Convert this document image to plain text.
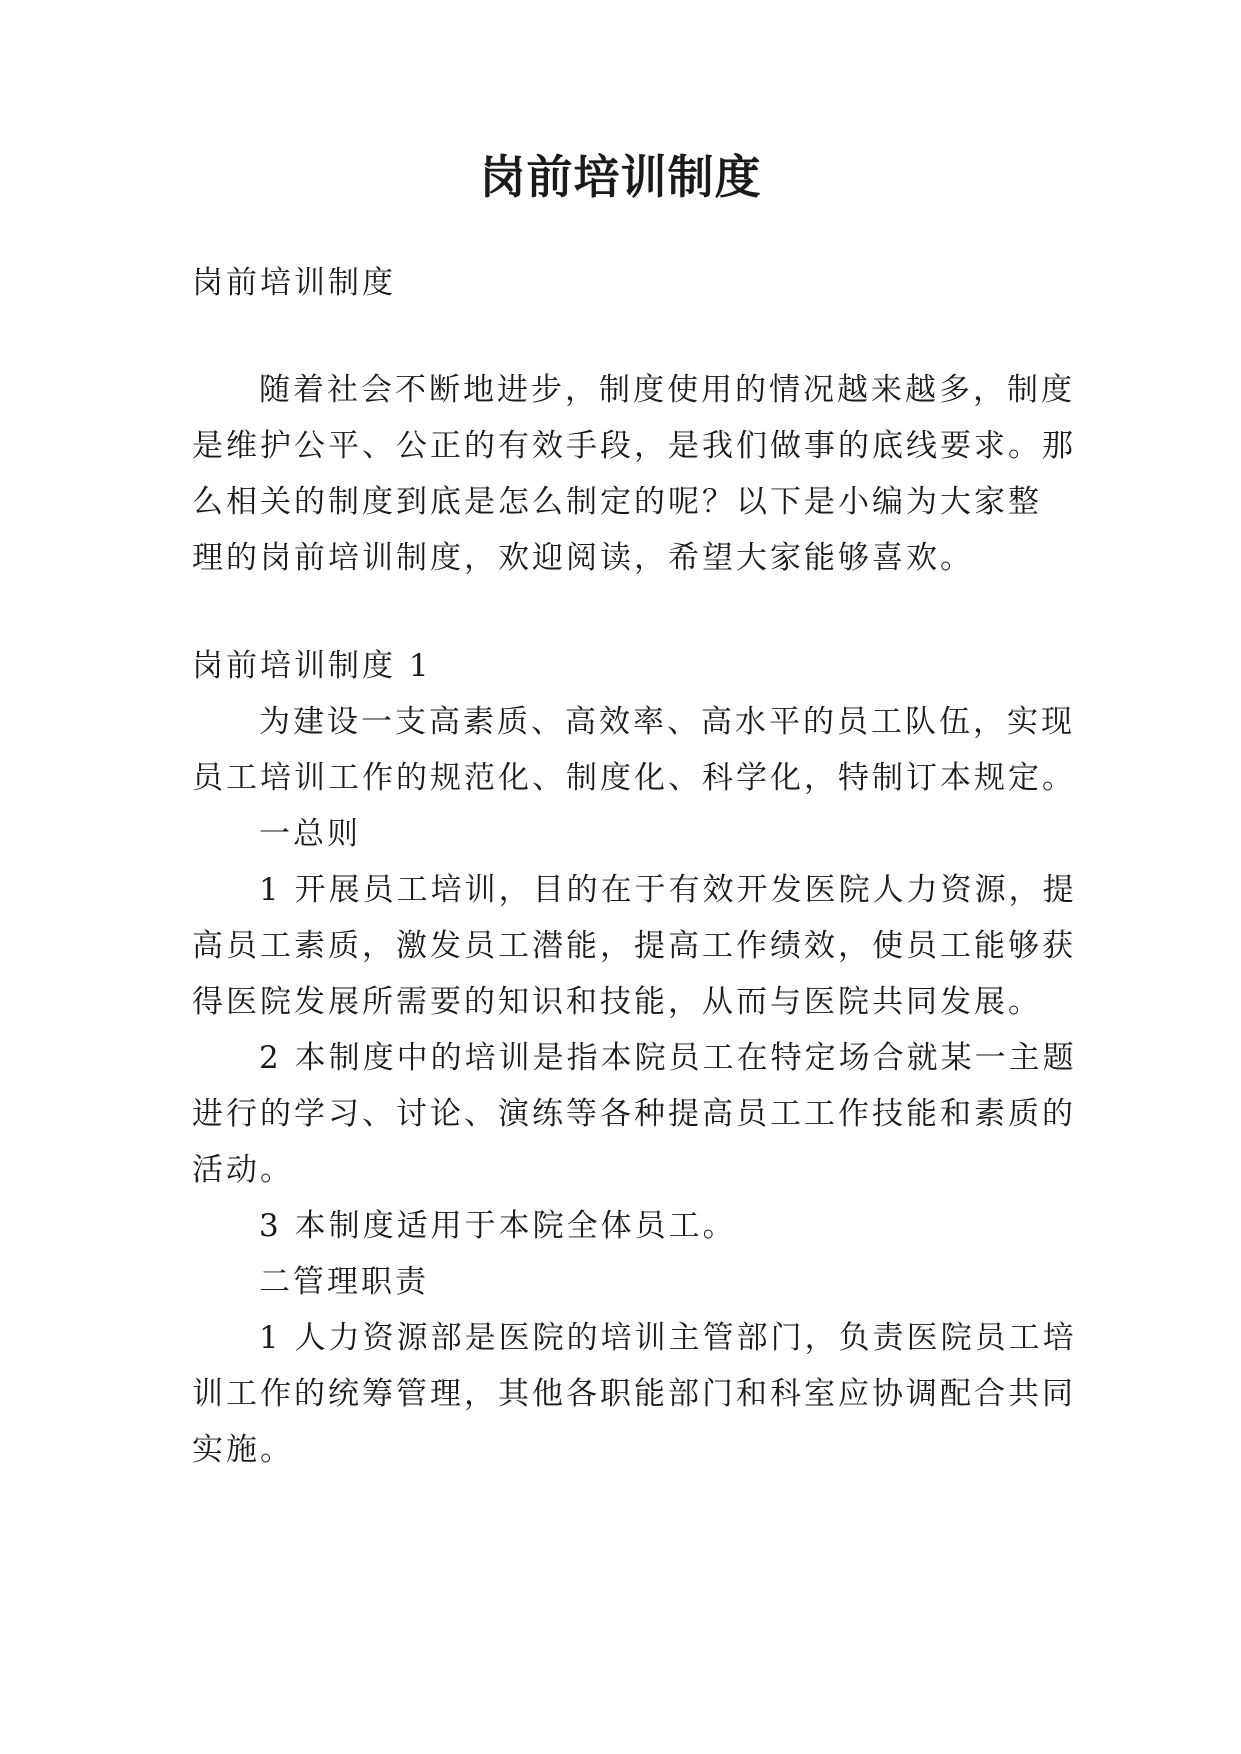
岗前培训制度
岗前培训制度
随着社会不断地进步，制度使用的情况越来越多，制度
是维护公平、公正的有效手段，是我们做事的底线要求。那
么相关的制度到底是怎么制定的呢？以下是小编为大家整
理的岗前培训制度，欢迎阅读，希望大家能够喜欢。
岗前培训制度 1
为建设一支高素质、高效率、高水平的员工队伍，实现
员工培训工作的规范化、制度化、科学化，特制订本规定。
一总则
1 开展员工培训，目的在于有效开发医院人力资源，提
高员工素质，激发员工潜能，提高工作绩效，使员工能够获
得医院发展所需要的知识和技能，从而与医院共同发展。
2 本制度中的培训是指本院员工在特定场合就某一主题
进行的学习、讨论、演练等各种提高员工工作技能和素质的
活动。
3 本制度适用于本院全体员工。
二管理职责
1 人力资源部是医院的培训主管部门，负责医院员工培
训工作的统筹管理，其他各职能部门和科室应协调配合共同
实施。
